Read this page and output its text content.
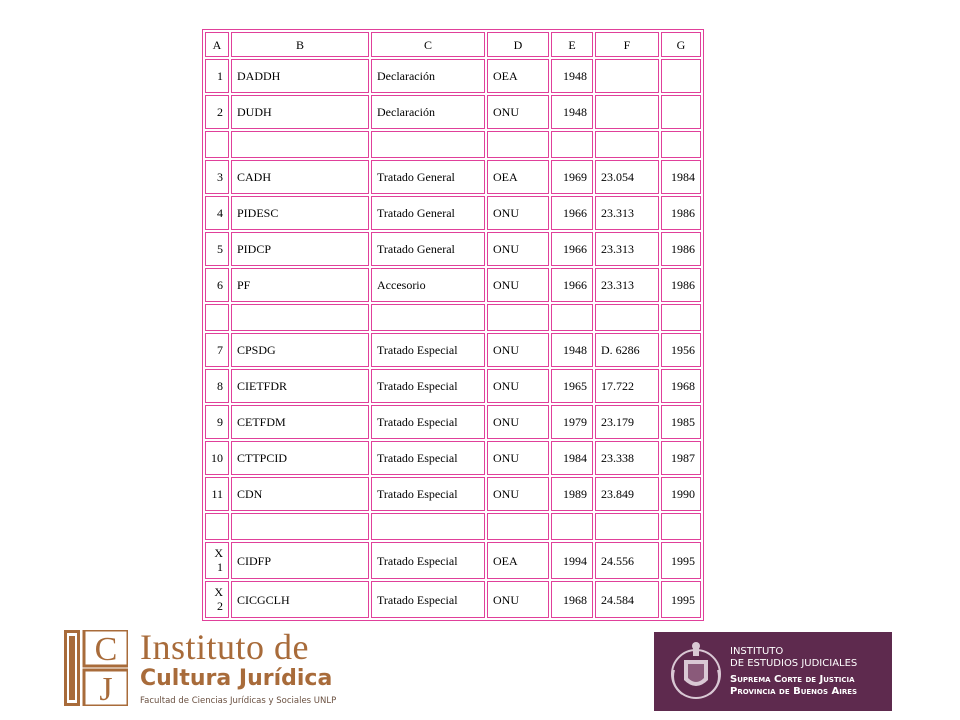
A	B	C	D	E	F	G
1	DADDH	Declaración	OEA	1948		
2	DUDH	Declaración	ONU	1948		

3	CADH	Tratado General	OEA	1969	23.054	1984
4	PIDESC	Tratado General	ONU	1966	23.313	1986
5	PIDCP	Tratado General	ONU	1966	23.313	1986
6	PF	Accesorio	ONU	1966	23.313	1986

7	CPSDG	Tratado Especial	ONU	1948	D. 6286	1956
8	CIETFDR	Tratado Especial	ONU	1965	17.722	1968
9	CETFDM	Tratado Especial	ONU	1979	23.179	1985
10	CTTPCID	Tratado Especial	ONU	1984	23.338	1987
11	CDN	Tratado Especial	ONU	1989	23.849	1990

X1	CIDFP	Tratado Especial	OEA	1994	24.556	1995
X2	CICGCLH	Tratado Especial	ONU	1968	24.584	1995
C
J
Instituto de
Cultura Jurídica
Facultad de Ciencias Jurídicas y Sociales UNLP
INSTITUTO
DE ESTUDIOS JUDICIALES
Suprema Corte de Justicia
Provincia de Buenos Aires
